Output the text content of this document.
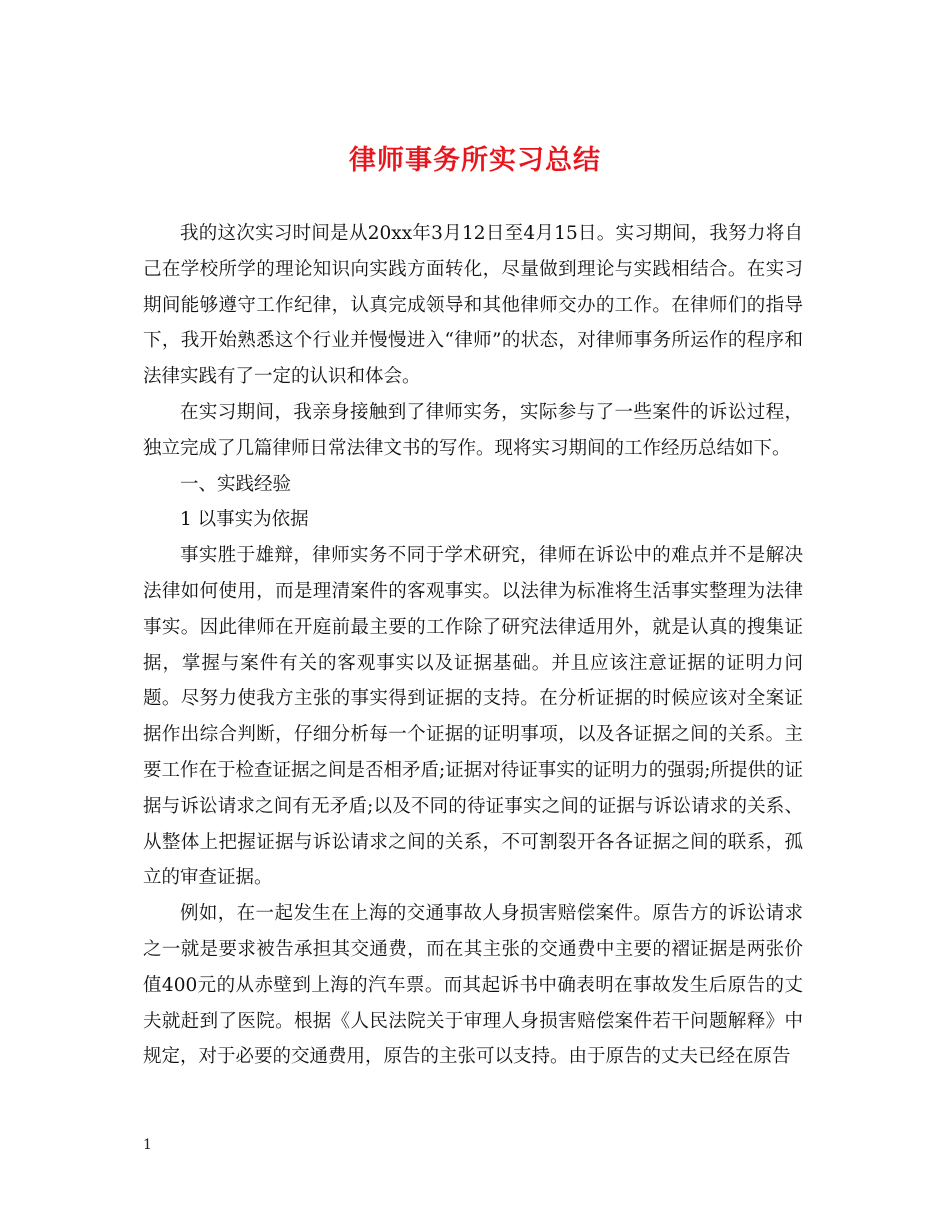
律师事务所实习总结

我的这次实习时间是从20xx年3月12日至4月15日。实习期间，我努力将自己在学校所学的理论知识向实践方面转化，尽量做到理论与实践相结合。在实习期间能够遵守工作纪律，认真完成领导和其他律师交办的工作。在律师们的指导下，我开始熟悉这个行业并慢慢进入“律师”的状态，对律师事务所运作的程序和法律实践有了一定的认识和体会。

在实习期间，我亲身接触到了律师实务，实际参与了一些案件的诉讼过程，独立完成了几篇律师日常法律文书的写作。现将实习期间的工作经历总结如下。

一、实践经验

1 以事实为依据

事实胜于雄辩，律师实务不同于学术研究，律师在诉讼中的难点并不是解决法律如何使用，而是理清案件的客观事实。以法律为标准将生活事实整理为法律事实。因此律师在开庭前最主要的工作除了研究法律适用外，就是认真的搜集证据，掌握与案件有关的客观事实以及证据基础。并且应该注意证据的证明力问题。尽努力使我方主张的事实得到证据的支持。在分析证据的时候应该对全案证据作出综合判断，仔细分析每一个证据的证明事项，以及各证据之间的关系。主要工作在于检查证据之间是否相矛盾;证据对待证事实的证明力的强弱;所提供的证据与诉讼请求之间有无矛盾;以及不同的待证事实之间的证据与诉讼请求的关系、从整体上把握证据与诉讼请求之间的关系，不可割裂开各各证据之间的联系，孤立的审查证据。

例如，在一起发生在上海的交通事故人身损害赔偿案件。原告方的诉讼请求之一就是要求被告承担其交通费，而在其主张的交通费中主要的褶证据是两张价值400元的从赤壁到上海的汽车票。而其起诉书中确表明在事故发生后原告的丈夫就赶到了医院。根据《人民法院关于审理人身损害赔偿案件若干问题解释》中规定，对于必要的交通费用，原告的主张可以支持。由于原告的丈夫已经在原告

1
